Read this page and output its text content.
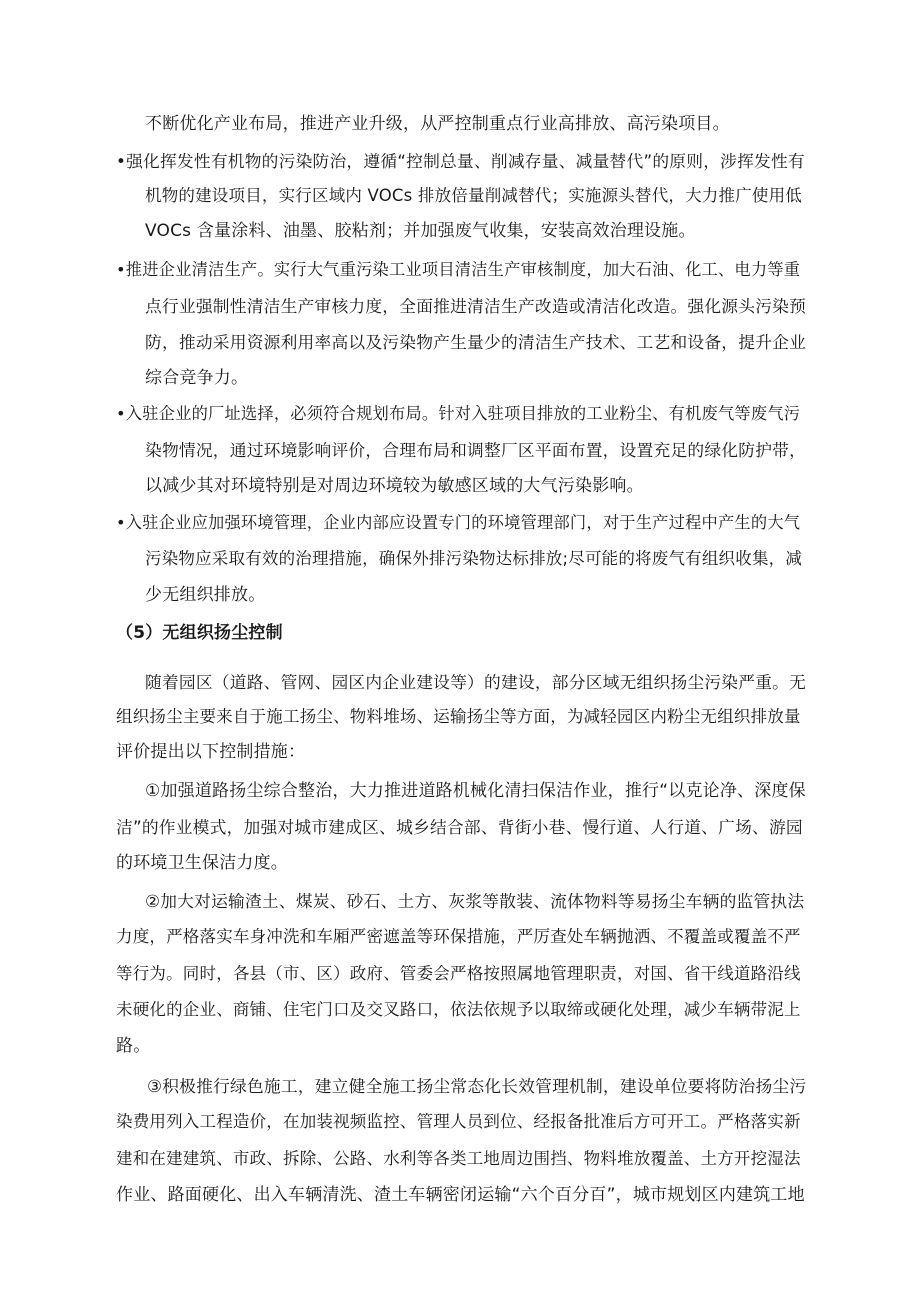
不断优化产业布局，推进产业升级，从严控制重点行业高排放、高污染项目。
•强化挥发性有机物的污染防治，遵循“控制总量、削减存量、减量替代”的原则，涉挥发性有
机物的建设项目，实行区域内 VOCs 排放倍量削减替代；实施源头替代，大力推广使用低
VOCs 含量涂料、油墨、胶粘剂；并加强废气收集，安装高效治理设施。
•推进企业清洁生产。实行大气重污染工业项目清洁生产审核制度，加大石油、化工、电力等重
点行业强制性清洁生产审核力度，全面推进清洁生产改造或清洁化改造。强化源头污染预
防，推动采用资源利用率高以及污染物产生量少的清洁生产技术、工艺和设备，提升企业
综合竞争力。
•入驻企业的厂址选择，必须符合规划布局。针对入驻项目排放的工业粉尘、有机废气等废气污
染物情况，通过环境影响评价，合理布局和调整厂区平面布置，设置充足的绿化防护带，
以减少其对环境特别是对周边环境较为敏感区域的大气污染影响。
•入驻企业应加强环境管理，企业内部应设置专门的环境管理部门，对于生产过程中产生的大气
污染物应采取有效的治理措施，确保外排污染物达标排放;尽可能的将废气有组织收集，减
少无组织排放。
（5）无组织扬尘控制
随着园区（道路、管网、园区内企业建设等）的建设，部分区域无组织扬尘污染严重。无
组织扬尘主要来自于施工扬尘、物料堆场、运输扬尘等方面，为减轻园区内粉尘无组织排放量
评价提出以下控制措施：
①加强道路扬尘综合整治，大力推进道路机械化清扫保洁作业，推行“以克论净、深度保
洁”的作业模式，加强对城市建成区、城乡结合部、背街小巷、慢行道、人行道、广场、游园
的环境卫生保洁力度。
②加大对运输渣土、煤炭、砂石、土方、灰浆等散装、流体物料等易扬尘车辆的监管执法
力度，严格落实车身冲洗和车厢严密遮盖等环保措施，严厉查处车辆抛洒、不覆盖或覆盖不严
等行为。同时，各县（市、区）政府、管委会严格按照属地管理职责，对国、省干线道路沿线
未硬化的企业、商铺、住宅门口及交叉路口，依法依规予以取缔或硬化处理，减少车辆带泥上
路。
③积极推行绿色施工，建立健全施工扬尘常态化长效管理机制，建设单位要将防治扬尘污
染费用列入工程造价，在加装视频监控、管理人员到位、经报备批准后方可开工。严格落实新
建和在建建筑、市政、拆除、公路、水利等各类工地周边围挡、物料堆放覆盖、土方开挖湿法
作业、路面硬化、出入车辆清洗、渣土车辆密闭运输“六个百分百”，城市规划区内建筑工地
